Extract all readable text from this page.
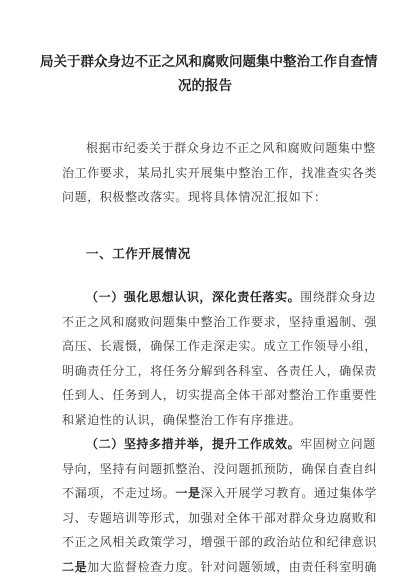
局关于群众身边不正之风和腐败问题集中整治工作自查情
况的报告
根据市纪委关于群众身边不正之风和腐败问题集中整
治工作要求，某局扎实开展集中整治工作，找准查实各类
问题，积极整改落实。现将具体情况汇报如下：
一、工作开展情况
（一）强化思想认识，深化责任落实。围绕群众身边
不正之风和腐败问题集中整治工作要求，坚持重遏制、强
高压、长震慑，确保工作走深走实。成立工作领导小组，
明确责任分工，将任务分解到各科室、各责任人，确保责
任到人、任务到人，切实提高全体干部对整治工作重要性
和紧迫性的认识，确保整治工作有序推进。
（二）坚持多措并举，提升工作成效。牢固树立问题
导向，坚持有问题抓整治、没问题抓预防，确保自查自纠
不漏项，不走过场。一是深入开展学习教育。通过集体学
习、专题培训等形式，加强对全体干部对群众身边腐败和
不正之风相关政策学习，增强干部的政治站位和纪律意识
二是加大监督检查力度。针对问题领域，由责任科室明确
